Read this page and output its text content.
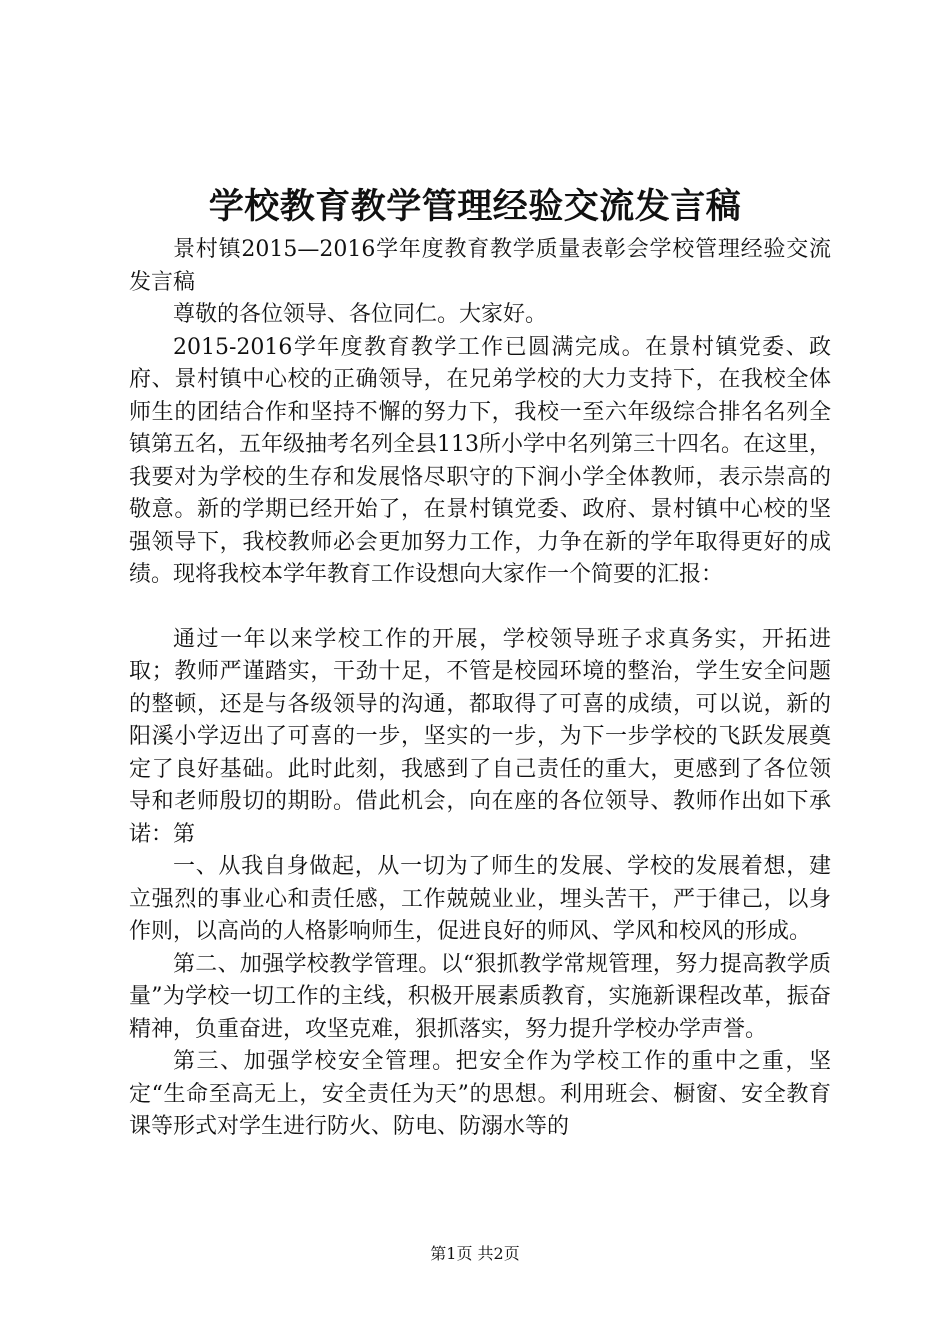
学校教育教学管理经验交流发言稿

景村镇2015—2016学年度教育教学质量表彰会学校管理经验交流发言稿

尊敬的各位领导、各位同仁。大家好。

2015-2016学年度教育教学工作已圆满完成。在景村镇党委、政府、景村镇中心校的正确领导，在兄弟学校的大力支持下，在我校全体师生的团结合作和坚持不懈的努力下，我校一至六年级综合排名名列全镇第五名，五年级抽考名列全县113所小学中名列第三十四名。在这里，我要对为学校的生存和发展恪尽职守的下涧小学全体教师，表示崇高的敬意。新的学期已经开始了，在景村镇党委、政府、景村镇中心校的坚强领导下，我校教师必会更加努力工作，力争在新的学年取得更好的成绩。现将我校本学年教育工作设想向大家作一个简要的汇报：

通过一年以来学校工作的开展，学校领导班子求真务实，开拓进取；教师严谨踏实，干劲十足，不管是校园环境的整治，学生安全问题的整顿，还是与各级领导的沟通，都取得了可喜的成绩，可以说，新的阳溪小学迈出了可喜的一步，坚实的一步，为下一步学校的飞跃发展奠定了良好基础。此时此刻，我感到了自己责任的重大，更感到了各位领导和老师殷切的期盼。借此机会，向在座的各位领导、教师作出如下承诺：第

一、从我自身做起，从一切为了师生的发展、学校的发展着想，建立强烈的事业心和责任感，工作兢兢业业，埋头苦干，严于律己，以身作则，以高尚的人格影响师生，促进良好的师风、学风和校风的形成。

第二、加强学校教学管理。以“狠抓教学常规管理，努力提高教学质量”为学校一切工作的主线，积极开展素质教育，实施新课程改革，振奋精神，负重奋进，攻坚克难，狠抓落实，努力提升学校办学声誉。

第三、加强学校安全管理。把安全作为学校工作的重中之重，坚定“生命至高无上，安全责任为天”的思想。利用班会、橱窗、安全教育课等形式对学生进行防火、防电、防溺水等的

第1页 共2页
